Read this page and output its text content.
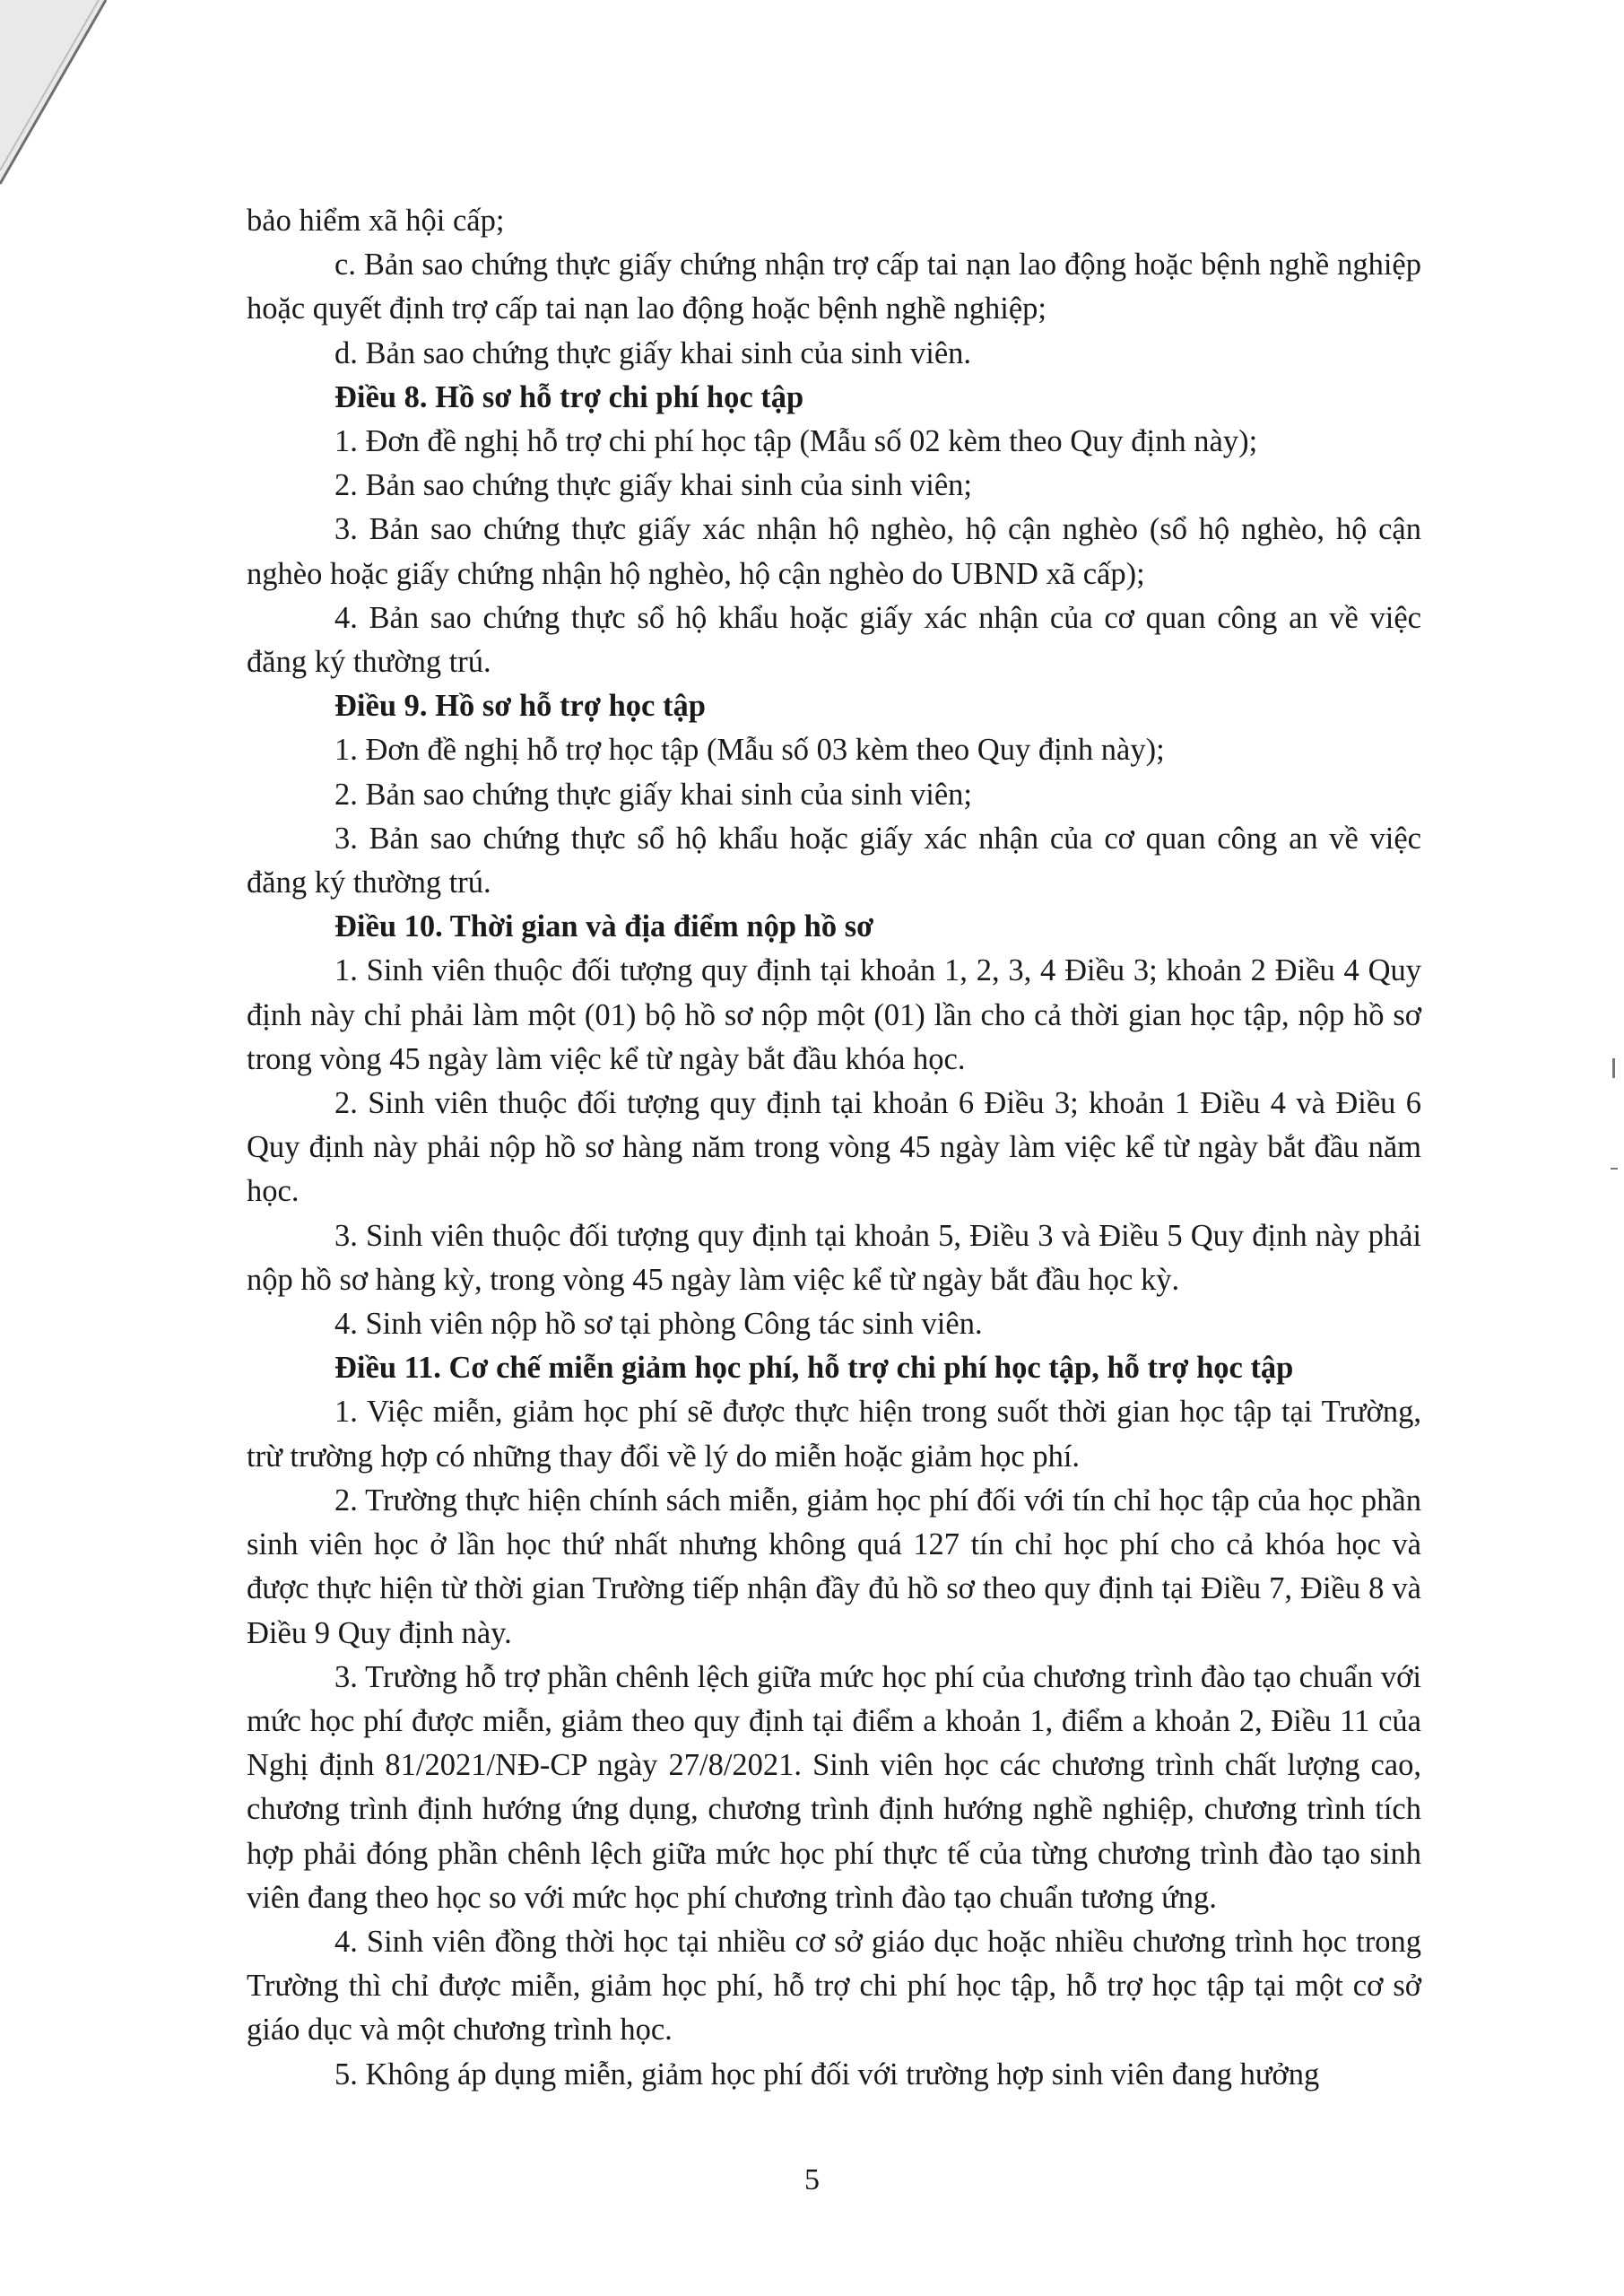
bảo hiểm xã hội cấp;

c. Bản sao chứng thực giấy chứng nhận trợ cấp tai nạn lao động hoặc bệnh nghề nghiệp hoặc quyết định trợ cấp tai nạn lao động hoặc bệnh nghề nghiệp;

d. Bản sao chứng thực giấy khai sinh của sinh viên.

Điều 8. Hồ sơ hỗ trợ chi phí học tập

1. Đơn đề nghị hỗ trợ chi phí học tập (Mẫu số 02 kèm theo Quy định này);

2. Bản sao chứng thực giấy khai sinh của sinh viên;

3. Bản sao chứng thực giấy xác nhận hộ nghèo, hộ cận nghèo (sổ hộ nghèo, hộ cận nghèo hoặc giấy chứng nhận hộ nghèo, hộ cận nghèo do UBND xã cấp);

4. Bản sao chứng thực sổ hộ khẩu hoặc giấy xác nhận của cơ quan công an về việc đăng ký thường trú.

Điều 9. Hồ sơ hỗ trợ học tập

1. Đơn đề nghị hỗ trợ học tập (Mẫu số 03 kèm theo Quy định này);

2. Bản sao chứng thực giấy khai sinh của sinh viên;

3. Bản sao chứng thực sổ hộ khẩu hoặc giấy xác nhận của cơ quan công an về việc đăng ký thường trú.

Điều 10. Thời gian và địa điểm nộp hồ sơ

1. Sinh viên thuộc đối tượng quy định tại khoản 1, 2, 3, 4 Điều 3; khoản 2 Điều 4 Quy định này chỉ phải làm một (01) bộ hồ sơ nộp một (01) lần cho cả thời gian học tập, nộp hồ sơ trong vòng 45 ngày làm việc kể từ ngày bắt đầu khóa học.

2. Sinh viên thuộc đối tượng quy định tại khoản 6 Điều 3; khoản 1 Điều 4 và Điều 6 Quy định này phải nộp hồ sơ hàng năm trong vòng 45 ngày làm việc kể từ ngày bắt đầu năm học.

3. Sinh viên thuộc đối tượng quy định tại khoản 5, Điều 3 và Điều 5 Quy định này phải nộp hồ sơ hàng kỳ, trong vòng 45 ngày làm việc kể từ ngày bắt đầu học kỳ.

4. Sinh viên nộp hồ sơ tại phòng Công tác sinh viên.

Điều 11. Cơ chế miễn giảm học phí, hỗ trợ chi phí học tập, hỗ trợ học tập

1. Việc miễn, giảm học phí sẽ được thực hiện trong suốt thời gian học tập tại Trường, trừ trường hợp có những thay đổi về lý do miễn hoặc giảm học phí.

2. Trường thực hiện chính sách miễn, giảm học phí đối với tín chỉ học tập của học phần sinh viên học ở lần học thứ nhất nhưng không quá 127 tín chỉ học phí cho cả khóa học và được thực hiện từ thời gian Trường tiếp nhận đầy đủ hồ sơ theo quy định tại Điều 7, Điều 8 và Điều 9 Quy định này.

3. Trường hỗ trợ phần chênh lệch giữa mức học phí của chương trình đào tạo chuẩn với mức học phí được miễn, giảm theo quy định tại điểm a khoản 1, điểm a khoản 2, Điều 11 của Nghị định 81/2021/NĐ-CP ngày 27/8/2021. Sinh viên học các chương trình chất lượng cao, chương trình định hướng ứng dụng, chương trình định hướng nghề nghiệp, chương trình tích hợp phải đóng phần chênh lệch giữa mức học phí thực tế của từng chương trình đào tạo sinh viên đang theo học so với mức học phí chương trình đào tạo chuẩn tương ứng.

4. Sinh viên đồng thời học tại nhiều cơ sở giáo dục hoặc nhiều chương trình học trong Trường thì chỉ được miễn, giảm học phí, hỗ trợ chi phí học tập, hỗ trợ học tập tại một cơ sở giáo dục và một chương trình học.

5. Không áp dụng miễn, giảm học phí đối với trường hợp sinh viên đang hưởng

5
